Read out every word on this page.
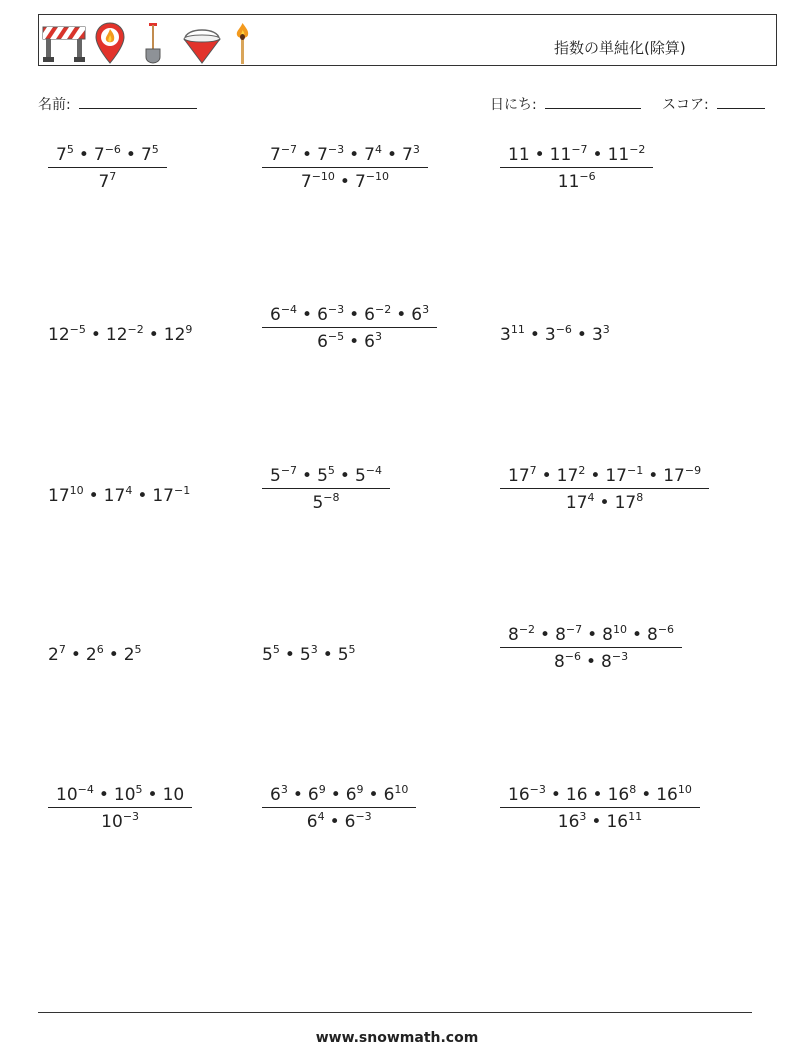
指数の単純化(除算)
名前:	日にち:	スコア:
$\frac{7^5 • 7^{-6} • 7^5}{7^7}$	$\frac{7^{-7} • 7^{-3} • 7^4 • 7^3}{7^{-10} • 7^{-10}}$	$\frac{11 • 11^{-7} • 11^{-2}}{11^{-6}}$
$12^{-5}$ • $12^{-2}$ • $12^9$	$\frac{6^{-4} • 6^{-3} • 6^{-2} • 6^3}{6^{-5} • 6^3}$	$3^{11}$ • $3^{-6}$ • $3^3$
$17^{10}$ • $17^4$ • $17^{-1}$	$\frac{5^{-7} • 5^5 • 5^{-4}}{5^{-8}}$	$\frac{17^7 • 17^2 • 17^{-1} • 17^{-9}}{17^4 • 17^8}$
$2^7$ • $2^6$ • $2^5$	$5^5$ • $5^3$ • $5^5$	$\frac{8^{-2} • 8^{-7} • 8^{10} • 8^{-6}}{8^{-6} • 8^{-3}}$
$\frac{10^{-4} • 10^5 • 10}{10^{-3}}$	$\frac{6^3 • 6^9 • 6^9 • 6^{10}}{6^4 • 6^{-3}}$	$\frac{16^{-3} • 16 • 16^8 • 16^{10}}{16^3 • 16^{11}}$
www.snowmath.com
